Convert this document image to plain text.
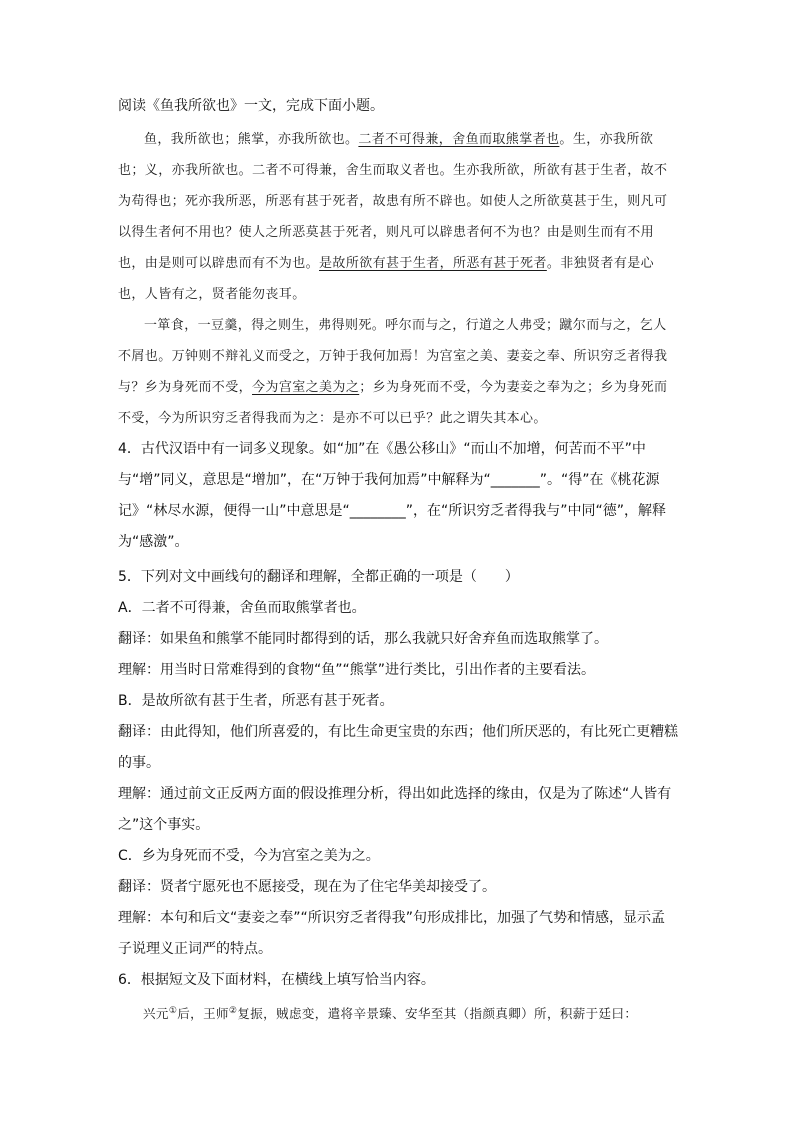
阅读《鱼我所欲也》一文，完成下面小题。

鱼，我所欲也；熊掌，亦我所欲也。二者不可得兼，舍鱼而取熊掌者也。生，亦我所欲也；义，亦我所欲也。二者不可得兼，舍生而取义者也。生亦我所欲，所欲有甚于生者，故不为苟得也；死亦我所恶，所恶有甚于死者，故患有所不辟也。如使人之所欲莫甚于生，则凡可以得生者何不用也？使人之所恶莫甚于死者，则凡可以辟患者何不为也？由是则生而有不用也，由是则可以辟患而有不为也。是故所欲有甚于生者，所恶有甚于死者。非独贤者有是心也，人皆有之，贤者能勿丧耳。

一箪食，一豆羹，得之则生，弗得则死。呼尔而与之，行道之人弗受；蹴尔而与之，乞人不屑也。万钟则不辩礼义而受之，万钟于我何加焉！为宫室之美、妻妾之奉、所识穷乏者得我与？乡为身死而不受，今为宫室之美为之；乡为身死而不受，今为妻妾之奉为之；乡为身死而不受，今为所识穷乏者得我而为之：是亦不可以已乎？此之谓失其本心。

4．古代汉语中有一词多义现象。如“加”在《愚公移山》“而山不加增，何苦而不平”中与“增”同义，意思是“增加”，在“万钟于我何加焉”中解释为“_______”。“得”在《桃花源记》“林尽水源，便得一山”中意思是“________”，在“所识穷乏者得我与”中同“德”，解释为“感激”。

5．下列对文中画线句的翻译和理解，全都正确的一项是（　　）

A．二者不可得兼，舍鱼而取熊掌者也。

翻译：如果鱼和熊掌不能同时都得到的话，那么我就只好舍弃鱼而选取熊掌了。

理解：用当时日常难得到的食物“鱼”“熊掌”进行类比，引出作者的主要看法。

B．是故所欲有甚于生者，所恶有甚于死者。

翻译：由此得知，他们所喜爱的，有比生命更宝贵的东西；他们所厌恶的，有比死亡更糟糕的事。

理解：通过前文正反两方面的假设推理分析，得出如此选择的缘由，仅是为了陈述“人皆有之”这个事实。

C．乡为身死而不受，今为宫室之美为之。

翻译：贤者宁愿死也不愿接受，现在为了住宅华美却接受了。

理解：本句和后文“妻妾之奉”“所识穷乏者得我”句形成排比，加强了气势和情感，显示孟子说理义正词严的特点。

6．根据短文及下面材料，在横线上填写恰当内容。

兴元①后，王师②复振，贼虑变，遣将辛景臻、安华至其（指颜真卿）所，积薪于廷曰：
